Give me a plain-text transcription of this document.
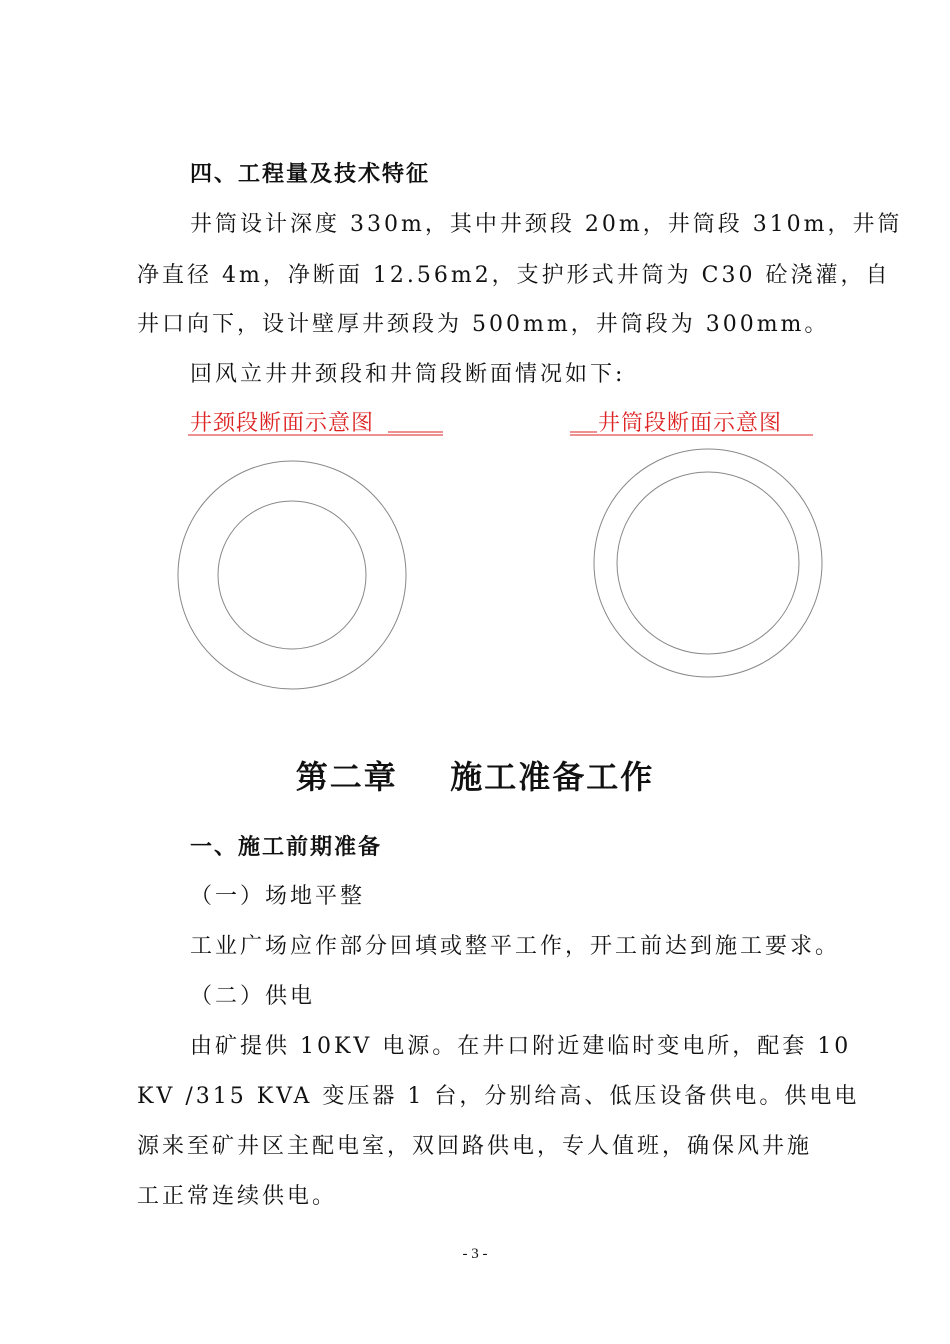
四、工程量及技术特征
井筒设计深度 330m，其中井颈段 20m，井筒段 310m，井筒
净直径 4m，净断面 12.56m2，支护形式井筒为 C30 砼浇灌，自
井口向下，设计壁厚井颈段为 500mm，井筒段为 300mm。
回风立井井颈段和井筒段断面情况如下:
井颈段断面示意图	井筒段断面示意图
第二章    施工准备工作
一、施工前期准备
（一）场地平整
工业广场应作部分回填或整平工作，开工前达到施工要求。
（二）供电
由矿提供 10KV 电源。在井口附近建临时变电所，配套 10
KV /315 KVA 变压器 1 台，分别给高、低压设备供电。供电电
源来至矿井区主配电室，双回路供电，专人值班，确保风井施
工正常连续供电。
- 3 -
